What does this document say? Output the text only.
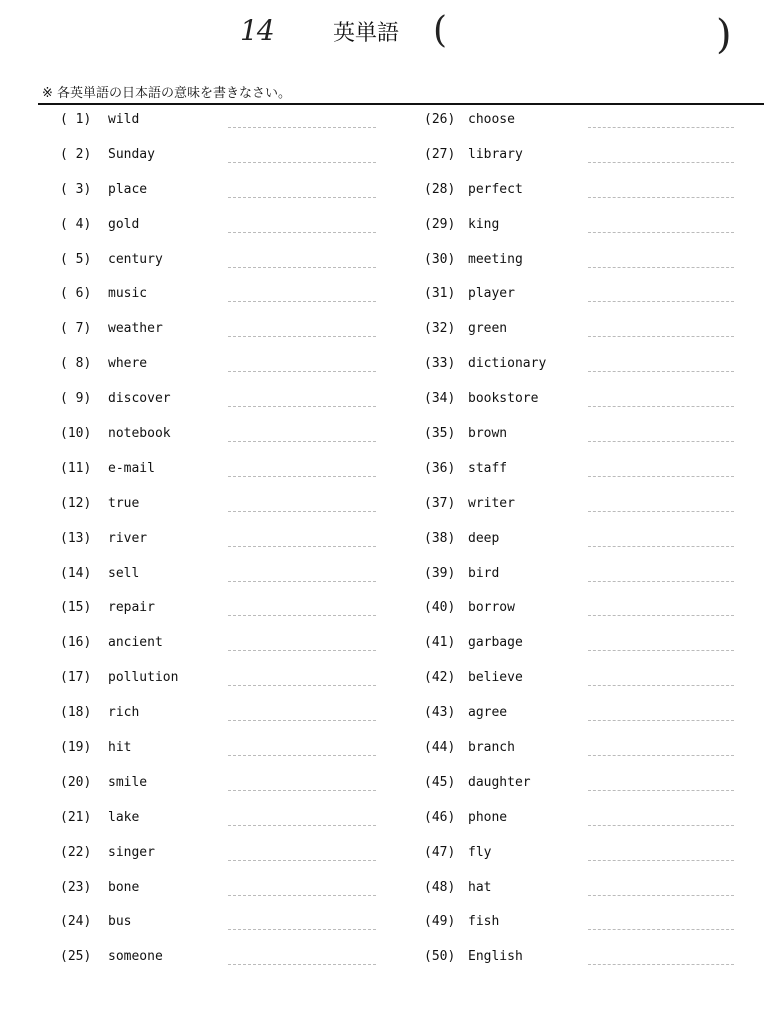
14	英単語 (	)
※ 各英単語の日本語の意味を書きなさい。
( 1)	wild
( 2)	Sunday
( 3)	place
( 4)	gold
( 5)	century
( 6)	music
( 7)	weather
( 8)	where
( 9)	discover
(10)	notebook
(11)	e-mail
(12)	true
(13)	river
(14)	sell
(15)	repair
(16)	ancient
(17)	pollution
(18)	rich
(19)	hit
(20)	smile
(21)	lake
(22)	singer
(23)	bone
(24)	bus
(25)	someone
(26) choose
(27) library
(28) perfect
(29) king
(30) meeting
(31) player
(32) green
(33) dictionary
(34) bookstore
(35) brown
(36) staff
(37) writer
(38) deep
(39) bird
(40) borrow
(41) garbage
(42) believe
(43) agree
(44) branch
(45) daughter
(46) phone
(47) fly
(48) hat
(49) fish
(50) English
